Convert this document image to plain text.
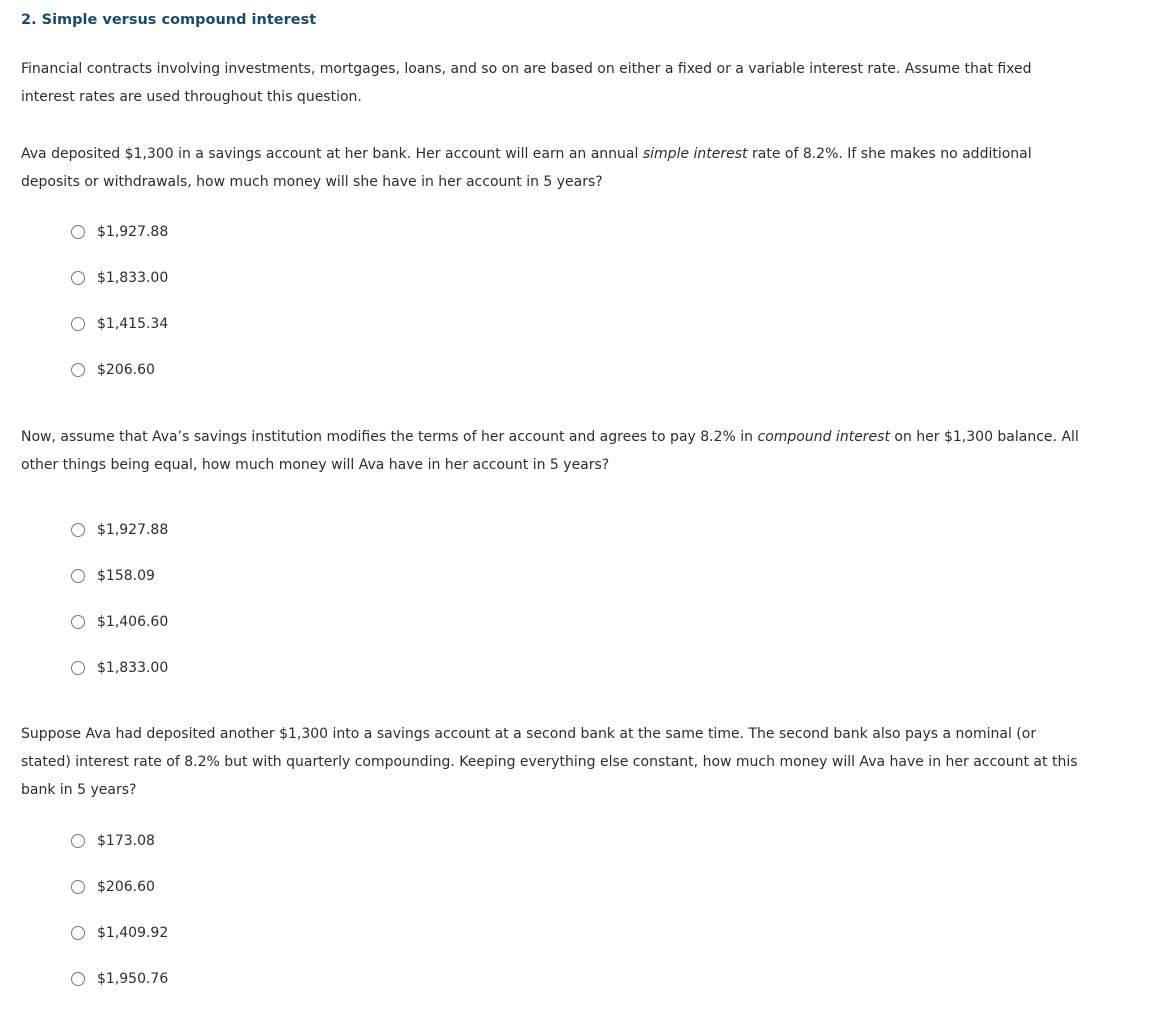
2. Simple versus compound interest
Financial contracts involving investments, mortgages, loans, and so on are based on either a fixed or a variable interest rate. Assume that fixed
interest rates are used throughout this question.
Ava deposited $1,300 in a savings account at her bank. Her account will earn an annual simple interest rate of 8.2%. If she makes no additional
deposits or withdrawals, how much money will she have in her account in 5 years?
$1,927.88
$1,833.00
$1,415.34
$206.60
Now, assume that Ava’s savings institution modifies the terms of her account and agrees to pay 8.2% in compound interest on her $1,300 balance. All
other things being equal, how much money will Ava have in her account in 5 years?
$1,927.88
$158.09
$1,406.60
$1,833.00
Suppose Ava had deposited another $1,300 into a savings account at a second bank at the same time. The second bank also pays a nominal (or
stated) interest rate of 8.2% but with quarterly compounding. Keeping everything else constant, how much money will Ava have in her account at this
bank in 5 years?
$173.08
$206.60
$1,409.92
$1,950.76
